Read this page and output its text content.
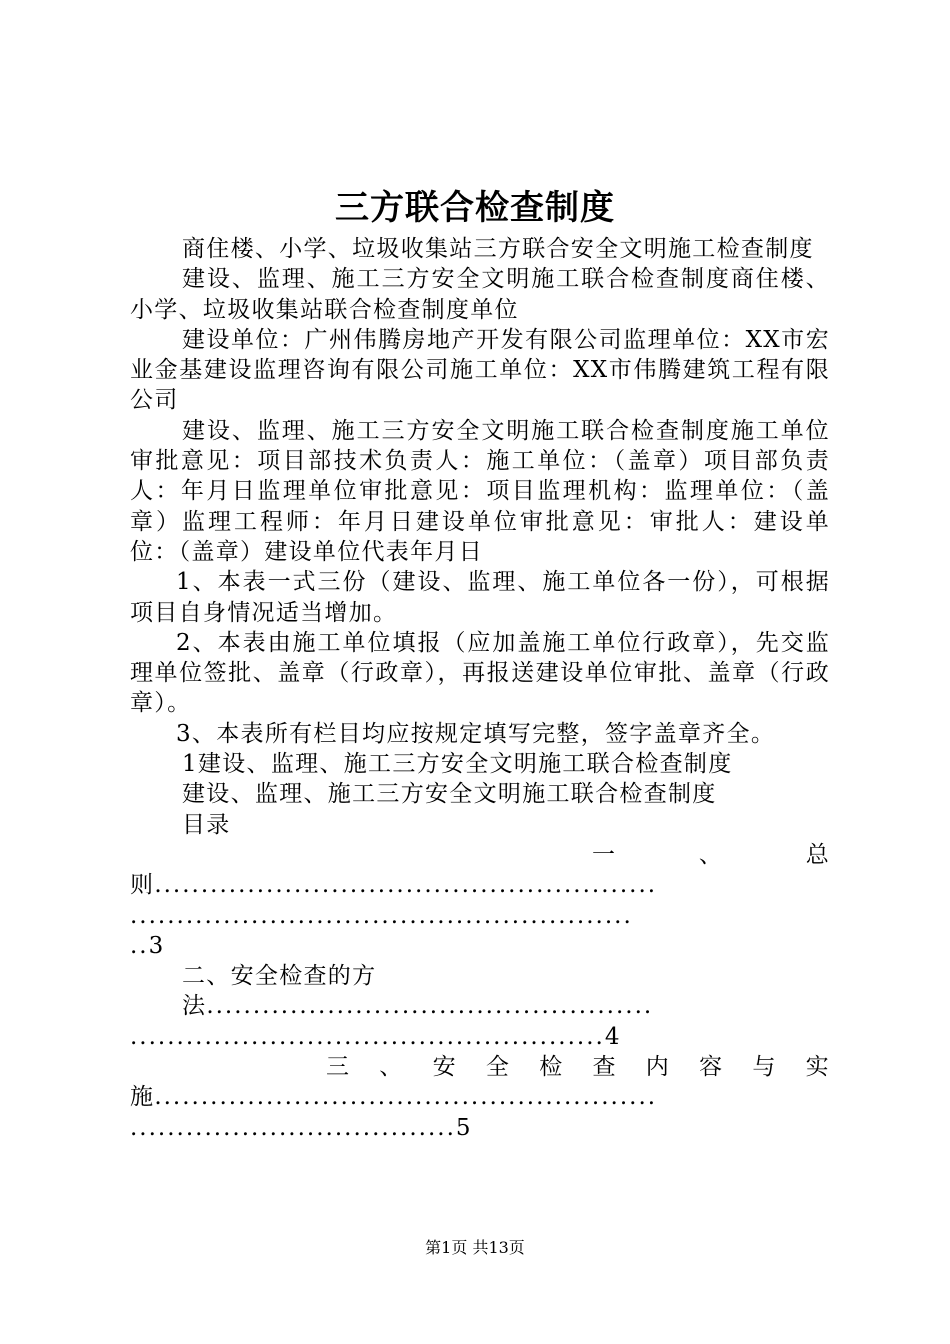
三方联合检查制度

商住楼、小学、垃圾收集站三方联合安全文明施工检查制度

建设、监理、施工三方安全文明施工联合检查制度商住楼、小学、垃圾收集站联合检查制度单位

建设单位：广州伟腾房地产开发有限公司监理单位：XX市宏业金基建设监理咨询有限公司施工单位：XX市伟腾建筑工程有限公司

建设、监理、施工三方安全文明施工联合检查制度施工单位审批意见：项目部技术负责人：施工单位：（盖章）项目部负责人：年月日监理单位审批意见：项目监理机构：监理单位：（盖章）监理工程师：年月日建设单位审批意见：审批人：建设单位：（盖章）建设单位代表年月日

1、本表一式三份（建设、监理、施工单位各一份），可根据项目自身情况适当增加。

2、本表由施工单位填报（应加盖施工单位行政章），先交监理单位签批、盖章（行政章），再报送建设单位审批、盖章（行政章）。

3、本表所有栏目均应按规定填写完整，签字盖章齐全。

1建设、监理、施工三方安全文明施工联合检查制度

建设、监理、施工三方安全文明施工联合检查制度

目录

一	、	总
则......................................................
......................................................
..3

二、安全检查的方

法................................................
...................................................4
三 、 安 全 检 查 内 容 与 实
施......................................................
...................................5
第1页 共13页
